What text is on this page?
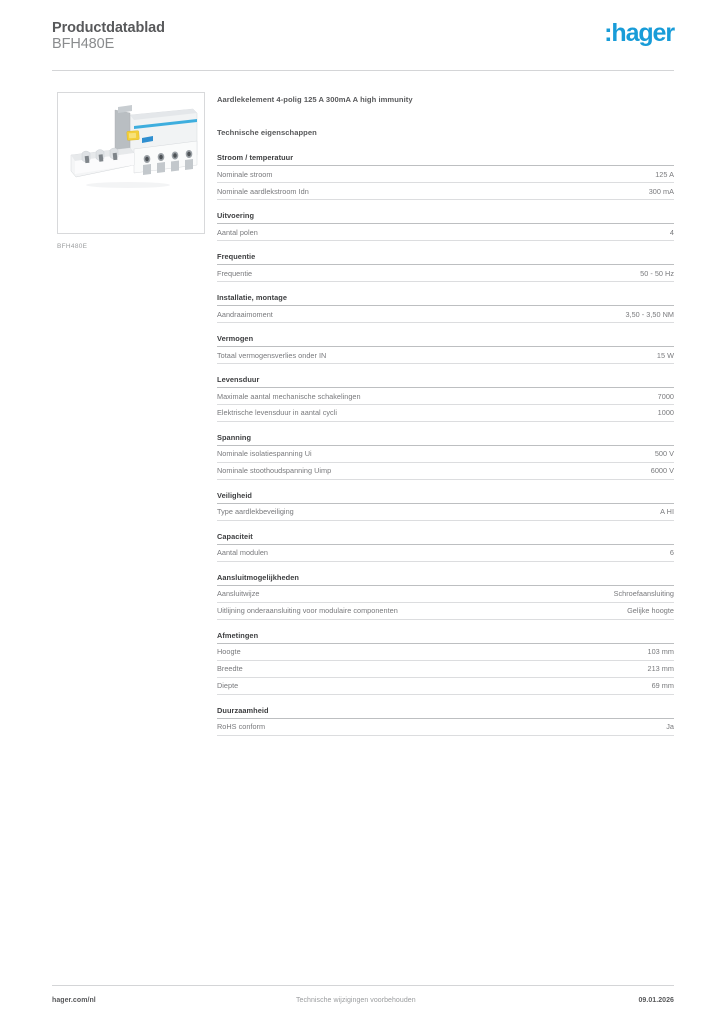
Productdatablad
BFH480E	:hager
BFH480E
Aardlekelement 4-polig 125 A 300mA A high immunity
Technische eigenschappen
Stroom / temperatuur
Nominale stroom	125 A
Nominale aardlekstroom Idn	300 mA
Uitvoering
Aantal polen	4
Frequentie
Frequentie	50 - 50 Hz
Installatie, montage
Aandraaimoment	3,50 - 3,50 NM
Vermogen
Totaal vermogensverlies onder IN	15 W
Levensduur
Maximale aantal mechanische schakelingen	7000
Elektrische levensduur in aantal cycli	1000
Spanning
Nominale isolatiespanning Ui	500 V
Nominale stoothoudspanning Uimp	6000 V
Veiligheid
Type aardlekbeveiliging	A HI
Capaciteit
Aantal modulen	6
Aansluitmogelijkheden
Aansluitwijze	Schroefaansluiting
Uitlijning onderaansluiting voor modulaire componenten	Gelijke hoogte
Afmetingen
Hoogte	103 mm
Breedte	213 mm
Diepte	69 mm
Duurzaamheid
RoHS conform	Ja
hager.com/nl	Technische wijzigingen voorbehouden	09.01.2026
